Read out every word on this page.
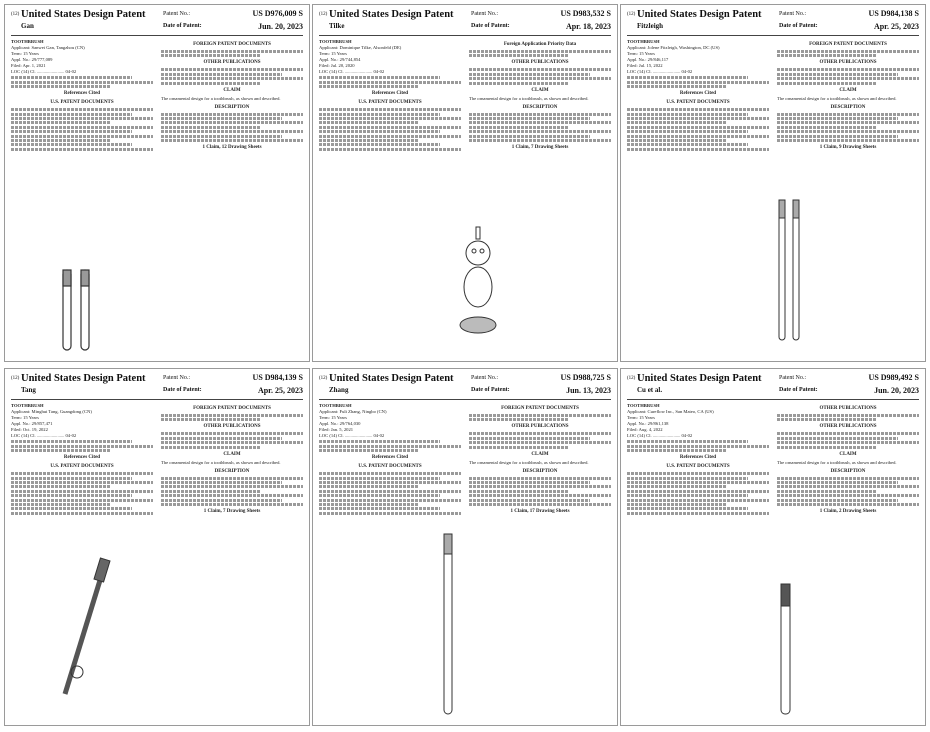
(12) United States Design Patent
Gan
Patent No.:	US D976,009 S
Date of Patent:	Jun. 20, 2023
TOOTHBRUSH
Applicant: Sanwei Gan, Tangzhou (CN)
Term: 15 Years
Appl. No.: 29/777,089
Filed: Apr. 1, 2021
LOC (14) Cl. ........................ 04-02
References Cited
U.S. PATENT DOCUMENTS
FOREIGN PATENT DOCUMENTS
OTHER PUBLICATIONS
CLAIM
The ornamental design for a toothbrush, as shown and described.
DESCRIPTION
1 Claim, 12 Drawing Sheets
(12) United States Design Patent
Tilke
Patent No.:	US D983,532 S
Date of Patent:	Apr. 18, 2023
TOOTHBRUSH
Applicant: Dominique Tilke, Alsonfeld (DE)
Term: 15 Years
Appl. No.: 29/744,854
Filed: Jul. 20, 2020
LOC (14) Cl. ........................ 04-02
References Cited
U.S. PATENT DOCUMENTS
Foreign Application Priority Data
OTHER PUBLICATIONS
CLAIM
The ornamental design for a toothbrush, as shown and described.
DESCRIPTION
1 Claim, 7 Drawing Sheets
(12) United States Design Patent
Fitzleigh
Patent No.:	US D984,138 S
Date of Patent:	Apr. 25, 2023
TOOTHBRUSH
Applicant: Jolene Fitzleigh, Washington, DC (US)
Term: 15 Years
Appl. No.: 29/846,117
Filed: Jul. 15, 2022
LOC (14) Cl. ........................ 04-02
References Cited
U.S. PATENT DOCUMENTS
FOREIGN PATENT DOCUMENTS
OTHER PUBLICATIONS
CLAIM
The ornamental design for a toothbrush, as shown and described.
DESCRIPTION
1 Claim, 9 Drawing Sheets
(12) United States Design Patent
Tang
Patent No.:	US D984,139 S
Date of Patent:	Apr. 25, 2023
TOOTHBRUSH
Applicant: Minghui Tang, Guangdong (CN)
Term: 15 Years
Appl. No.: 29/857,471
Filed: Oct. 19, 2022
LOC (14) Cl. ........................ 04-02
References Cited
U.S. PATENT DOCUMENTS
FOREIGN PATENT DOCUMENTS
OTHER PUBLICATIONS
CLAIM
The ornamental design for a toothbrush, as shown and described.
DESCRIPTION
1 Claim, 7 Drawing Sheets
(12) United States Design Patent
Zhang
Patent No.:	US D988,725 S
Date of Patent:	Jun. 13, 2023
TOOTHBRUSH
Applicant: Fuli Zhang, Ningbo (CN)
Term: 15 Years
Appl. No.: 29/764,030
Filed: Jan. 5, 2021
LOC (14) Cl. ........................ 04-02
References Cited
U.S. PATENT DOCUMENTS
FOREIGN PATENT DOCUMENTS
OTHER PUBLICATIONS
CLAIM
The ornamental design for a toothbrush, as shown and described.
DESCRIPTION
1 Claim, 17 Drawing Sheets
(12) United States Design Patent
Cu et al.
Patent No.:	US D989,492 S
Date of Patent:	Jun. 20, 2023
TOOTHBRUSH
Applicant: Cureflow Inc., San Mateo, CA (US)
Term: 15 Years
Appl. No.: 29/861,138
Filed: Aug. 4, 2022
LOC (14) Cl. ........................ 04-02
References Cited
U.S. PATENT DOCUMENTS
OTHER PUBLICATIONS
OTHER PUBLICATIONS
CLAIM
The ornamental design for a toothbrush, as shown and described.
DESCRIPTION
1 Claim, 2 Drawing Sheets
